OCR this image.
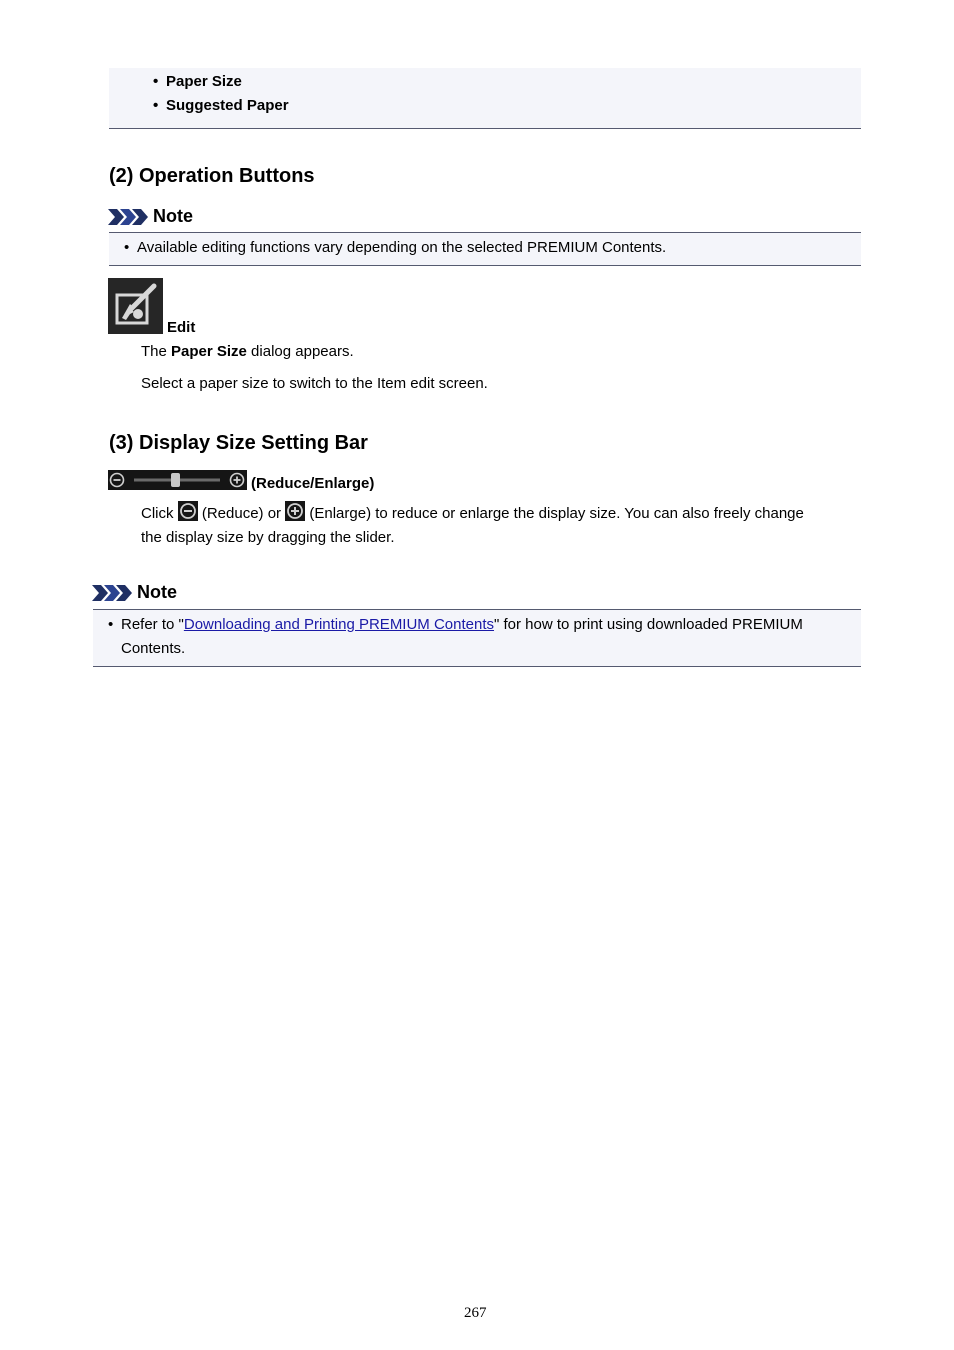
• Paper Size
• Suggested Paper
(2) Operation Buttons
Note
• Available editing functions vary depending on the selected PREMIUM Contents.
Edit
The Paper Size dialog appears.
Select a paper size to switch to the Item edit screen.
(3) Display Size Setting Bar
(Reduce/Enlarge)
Click  (Reduce) or  (Enlarge) to reduce or enlarge the display size. You can also freely change
the display size by dragging the slider.
Note
• Refer to "Downloading and Printing PREMIUM Contents" for how to print using downloaded PREMIUM
Contents.
267
